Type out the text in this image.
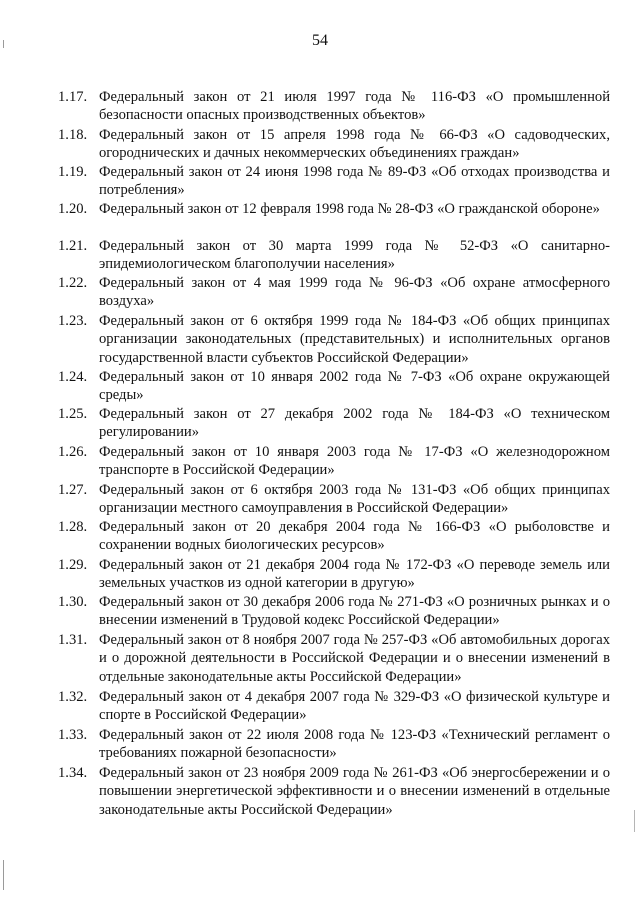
54
1.17. Федеральный закон от 21 июля 1997 года № 116-ФЗ «О промышленной безопасности опасных производственных объектов»
1.18. Федеральный закон от 15 апреля 1998 года № 66-ФЗ «О садоводческих, огороднических и дачных некоммерческих объединениях граждан»
1.19. Федеральный закон от 24 июня 1998 года № 89-ФЗ «Об отходах производства и потребления»
1.20. Федеральный закон от 12 февраля 1998 года № 28-ФЗ «О гражданской обороне»
1.21. Федеральный закон от 30 марта 1999 года № 52-ФЗ «О санитарно-эпидемиологическом благополучии населения»
1.22. Федеральный закон от 4 мая 1999 года № 96-ФЗ «Об охране атмосферного воздуха»
1.23. Федеральный закон от 6 октября 1999 года № 184-ФЗ «Об общих принципах организации законодательных (представительных) и исполнительных органов государственной власти субъектов Российской Федерации»
1.24. Федеральный закон от 10 января 2002 года № 7-ФЗ «Об охране окружающей среды»
1.25. Федеральный закон от 27 декабря 2002 года № 184-ФЗ «О техническом регулировании»
1.26. Федеральный закон от 10 января 2003 года № 17-ФЗ «О железнодорожном транспорте в Российской Федерации»
1.27. Федеральный закон от 6 октября 2003 года № 131-ФЗ «Об общих принципах организации местного самоуправления в Российской Федерации»
1.28. Федеральный закон от 20 декабря 2004 года № 166-ФЗ «О рыболовстве и сохранении водных биологических ресурсов»
1.29. Федеральный закон от 21 декабря 2004 года № 172-ФЗ «О переводе земель или земельных участков из одной категории в другую»
1.30. Федеральный закон от 30 декабря 2006 года № 271-ФЗ «О розничных рынках и о внесении изменений в Трудовой кодекс Российской Федерации»
1.31. Федеральный закон от 8 ноября 2007 года № 257-ФЗ «Об автомобильных дорогах и о дорожной деятельности в Российской Федерации и о внесении изменений в отдельные законодательные акты Российской Федерации»
1.32. Федеральный закон от 4 декабря 2007 года № 329-ФЗ «О физической культуре и спорте в Российской Федерации»
1.33. Федеральный закон от 22 июля 2008 года № 123-ФЗ «Технический регламент о требованиях пожарной безопасности»
1.34. Федеральный закон от 23 ноября 2009 года № 261-ФЗ «Об энергосбережении и о повышении энергетической эффективности и о внесении изменений в отдельные законодательные акты Российской Федерации»
